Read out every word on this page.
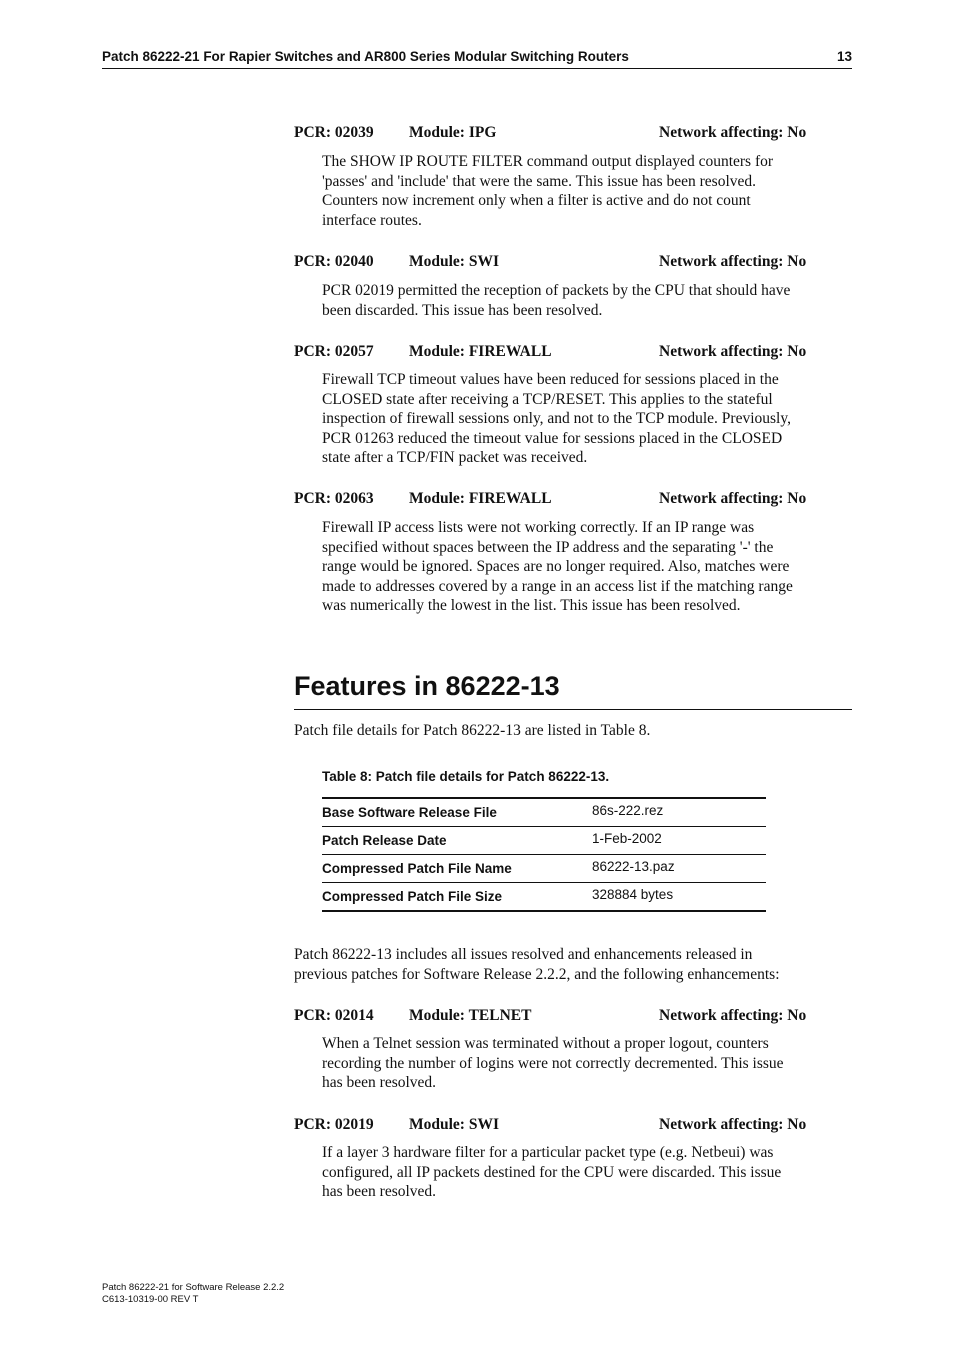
Patch 86222-21 For Rapier Switches and AR800 Series Modular Switching Routers	13
PCR: 02039 Module: IPG	Network affecting: No
The SHOW IP ROUTE FILTER command output displayed counters for
'passes' and 'include' that were the same. This issue has been resolved.
Counters now increment only when a filter is active and do not count
interface routes.
PCR: 02040 Module: SWI	Network affecting: No
PCR 02019 permitted the reception of packets by the CPU that should have
been discarded. This issue has been resolved.
PCR: 02057 Module: FIREWALL	Network affecting: No
Firewall TCP timeout values have been reduced for sessions placed in the
CLOSED state after receiving a TCP/RESET. This applies to the stateful
inspection of firewall sessions only, and not to the TCP module. Previously,
PCR 01263 reduced the timeout value for sessions placed in the CLOSED
state after a TCP/FIN packet was received.
PCR: 02063 Module: FIREWALL	Network affecting: No
Firewall IP access lists were not working correctly. If an IP range was
specified without spaces between the IP address and the separating '-' the
range would be ignored. Spaces are no longer required. Also, matches were
made to addresses covered by a range in an access list if the matching range
was numerically the lowest in the list. This issue has been resolved.
Features in 86222-13

Patch file details for Patch 86222-13 are listed in Table 8.

Table 8: Patch file details for Patch 86222-13.
Base Software Release File	86s-222.rez
Patch Release Date	1-Feb-2002
Compressed Patch File Name	86222-13.paz
Compressed Patch File Size	328884 bytes
Patch 86222-13 includes all issues resolved and enhancements released in
previous patches for Software Release 2.2.2, and the following enhancements:
PCR: 02014 Module: TELNET	Network affecting: No
When a Telnet session was terminated without a proper logout, counters
recording the number of logins were not correctly decremented. This issue
has been resolved.
PCR: 02019 Module: SWI	Network affecting: No
If a layer 3 hardware filter for a particular packet type (e.g. Netbeui) was
configured, all IP packets destined for the CPU were discarded. This issue
has been resolved.
Patch 86222-21 for Software Release 2.2.2
C613-10319-00 REV T
